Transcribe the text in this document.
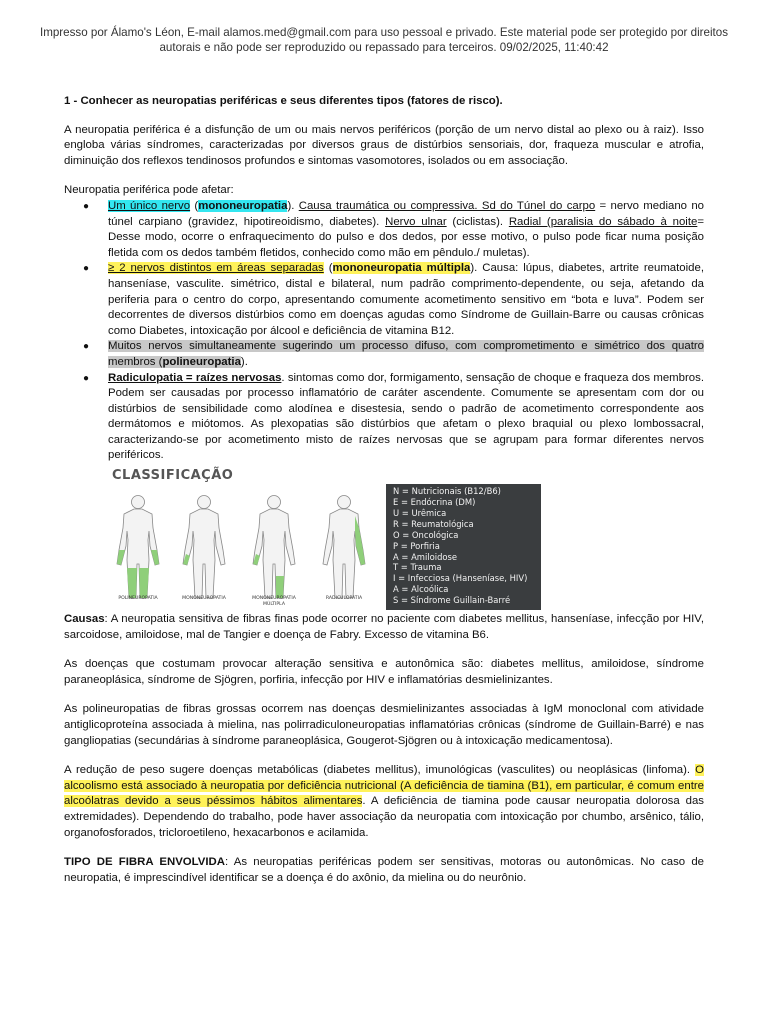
Impresso por Álamo's Léon, E-mail alamos.med@gmail.com para uso pessoal e privado. Este material pode ser protegido por direitos
autorais e não pode ser reproduzido ou repassado para terceiros. 09/02/2025, 11:40:42

1 - Conhecer as neuropatias periféricas e seus diferentes tipos (fatores de risco).

A neuropatia periférica é a disfunção de um ou mais nervos periféricos (porção de um nervo distal ao plexo ou à raiz). Isso engloba várias síndromes, caracterizadas por diversos graus de distúrbios sensoriais, dor, fraqueza muscular e atrofia, diminuição dos reflexos tendinosos profundos e sintomas vasomotores, isolados ou em associação.

Neuropatia periférica pode afetar:

● Um único nervo (mononeuropatia). Causa traumática ou compressiva. Sd do Túnel do carpo = nervo mediano no túnel carpiano (gravidez, hipotireoidismo, diabetes). Nervo ulnar (ciclistas). Radial (paralisia do sábado à noite= Desse modo, ocorre o enfraquecimento do pulso e dos dedos, por esse motivo, o pulso pode ficar numa posição fletida com os dedos também fletidos, conhecido como mão em pêndulo./ muletas).
● ≥ 2 nervos distintos em áreas separadas (mononeuropatia múltipla). Causa: lúpus, diabetes, artrite reumatoide, hanseníase, vasculite. simétrico, distal e bilateral, num padrão comprimento-dependente, ou seja, afetando da periferia para o centro do corpo, apresentando comumente acometimento sensitivo em “bota e luva”. Podem ser decorrentes de diversos distúrbios como em doenças agudas como Síndrome de Guillain-Barre ou causas crônicas como Diabetes, intoxicação por álcool e deficiência de vitamina B12.
● Muitos nervos simultaneamente sugerindo um processo difuso, com comprometimento e simétrico dos quatro membros (polineuropatia).
● Radiculopatia = raízes nervosas. sintomas como dor, formigamento, sensação de choque e fraqueza dos membros. Podem ser causadas por processo inflamatório de caráter ascendente. Comumente se apresentam com dor ou distúrbios de sensibilidade como alodínea e disestesia, sendo o padrão de acometimento correspondente aos dermátomos e miótomos. As plexopatias são distúrbios que afetam o plexo braquial ou plexo lombossacral, caracterizando-se por acometimento misto de raízes nervosas que se agrupam para formar diferentes nervos periféricos.
CLASSIFICAÇÃO
POLINEUROPATIA	MONONEUROPATIA	MONONEUROPATIA
MÚLTIPLA
RADICULOPATIA
N = Nutricionais (B12/B6)
E = Endócrina (DM)
U = Urêmica
R = Reumatológica
O = Oncológica
P = Porfiria
A = Amiloidose
T = Trauma
I = Infecciosa (Hanseníase, HIV)
A = Alcoólica
S = Síndrome Guillain-Barré

Causas: A neuropatia sensitiva de fibras finas pode ocorrer no paciente com diabetes mellitus, hanseníase, infecção por HIV, sarcoidose, amiloidose, mal de Tangier e doença de Fabry. Excesso de vitamina B6.

As doenças que costumam provocar alteração sensitiva e autonômica são: diabetes mellitus, amiloidose, síndrome paraneoplásica, síndrome de Sjögren, porfiria, infecção por HIV e inflamatórias desmielinizantes.

As polineuropatias de fibras grossas ocorrem nas doenças desmielinizantes associadas à IgM monoclonal com atividade antiglicoproteína associada à mielina, nas polirradiculoneuropatias inflamatórias crônicas (síndrome de Guillain-Barré) e nas gangliopatias (secundárias à síndrome paraneoplásica, Gougerot-Sjögren ou à intoxicação medicamentosa).

A redução de peso sugere doenças metabólicas (diabetes mellitus), imunológicas (vasculites) ou neoplásicas (linfoma). O alcoolismo está associado à neuropatia por deficiência nutricional (A deficiência de tiamina (B1), em particular, é comum entre alcoólatras devido a seus péssimos hábitos alimentares. A deficiência de tiamina pode causar neuropatia dolorosa das extremidades). Dependendo do trabalho, pode haver associação da neuropatia com intoxicação por chumbo, arsênico, tálio, organofosforados, tricloroetileno, hexacarbonos e acilamida.

TIPO DE FIBRA ENVOLVIDA: As neuropatias periféricas podem ser sensitivas, motoras ou autonômicas. No caso de neuropatia, é imprescindível identificar se a doença é do axônio, da mielina ou do neurônio.
